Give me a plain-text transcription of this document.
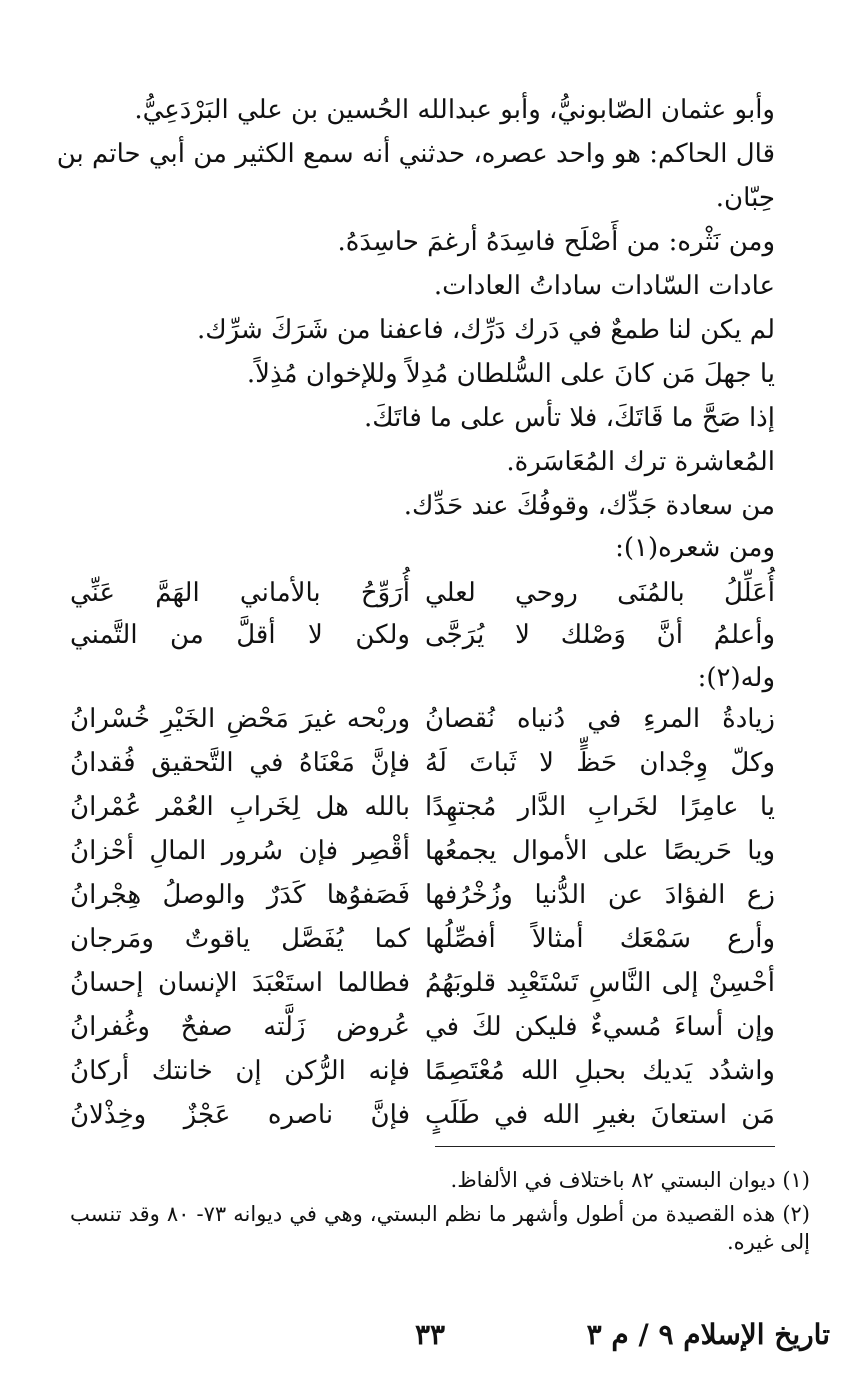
وأبو عثمان الصّابونيُّ، وأبو عبدالله الحُسين بن علي البَرْدَعِيُّ.
قال الحاكم: هو واحد عصره، حدثني أنه سمع الكثير من أبي حاتم بن
حِبّان.
ومن نَثْره: من أَصْلَح فاسِدَهُ أرغمَ حاسِدَهُ.
عادات السّادات ساداتُ العادات.
لم يكن لنا طمعٌ في دَرك دَرِّك، فاعفنا من شَرَكَ شرِّك.
يا جهلَ مَن كانَ على السُّلطان مُدِلاً وللإخوان مُذِلاً.
إذا صَحَّ ما قَاتَكَ، فلا تأس على ما فاتَكَ.
المُعاشرة ترك المُعَاسَرة.
من سعادة جَدِّك، وقوفُكَ عند حَدِّك.
ومن شعره(١):
أُعَلِّلُ بالمُنَى روحي لعلي
أُرَوِّحُ بالأماني الهَمَّ عَنِّي
وأعلمُ أنَّ وَصْلك لا يُرَجَّى
ولكن لا أقلَّ من التَّمني
وله(٢):
زيادةُ المرءِ في دُنياه نُقصانُ
وربْحه غيرَ مَحْضِ الخَيْرِ خُسْرانُ
وكلّ وِجْدان حَظٍّ لا ثَباتَ لَهُ
فإنَّ مَعْنَاهُ في التَّحقيق فُقدانُ
يا عامِرًا لخَرابِ الدَّار مُجتهِدًا
بالله هل لِخَرابِ العُمْر عُمْرانُ
ويا حَريصًا على الأموال يجمعُها
أقْصِر فإن سُرور المالِ أحْزانُ
زع الفؤادَ عن الدُّنيا وزُخْرُفها
فَصَفوُها كَدَرٌ والوصلُ هِجْرانُ
وأرع سَمْعَك أمثالاً أفصِّلُها
كما يُفَصَّل ياقوتٌ ومَرجان
أحْسِنْ إلى النَّاسِ تَسْتَعْبِد قلوبَهُمُ
فطالما استَعْبَدَ الإنسان إحسانُ
وإن أساءَ مُسيءٌ فليكن لكَ في
عُروض زَلَّته صفحٌ وغُفرانُ
واشدُد يَديك بحبلِ الله مُعْتَصِمًا
فإنه الرُّكن إن خانتك أركانُ
مَن استعانَ بغيرِ الله في طَلَبٍ
فإنَّ ناصره عَجْزٌ وخِذْلانُ
(١) ديوان البستي ٨٢ باختلاف في الألفاظ.
(٢) هذه القصيدة من أطول وأشهر ما نظم البستي، وهي في ديوانه ٧٣- ٨٠ وقد تنسب إلى غيره.
٣٣	تاريخ الإسلام ٩ / م ٣
